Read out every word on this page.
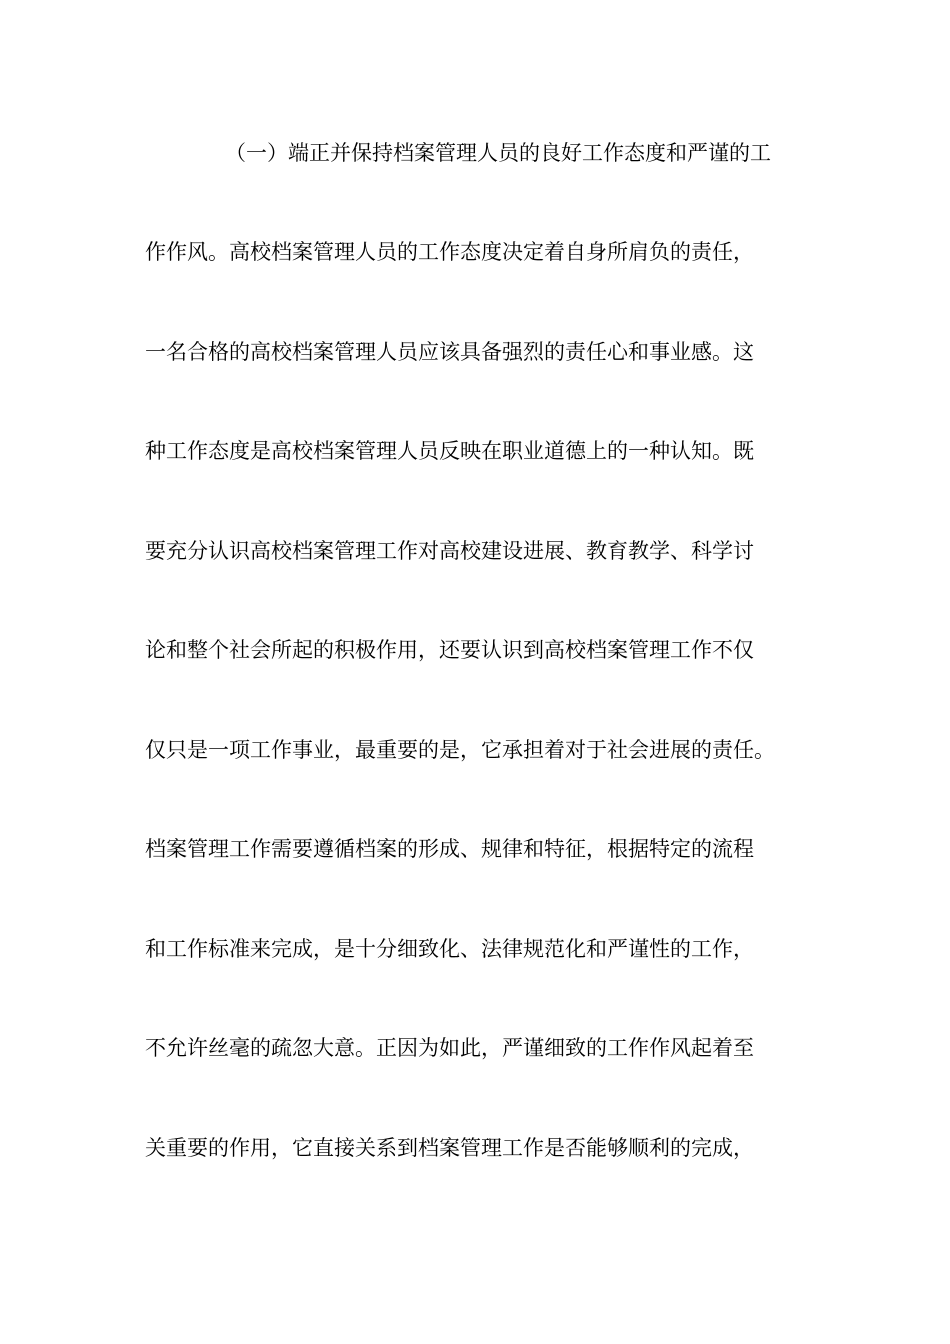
（一）端正并保持档案管理人员的良好工作态度和严谨的工
作作风。高校档案管理人员的工作态度决定着自身所肩负的责任，
一名合格的高校档案管理人员应该具备强烈的责任心和事业感。这
种工作态度是高校档案管理人员反映在职业道德上的一种认知。既
要充分认识高校档案管理工作对高校建设进展、教育教学、科学讨
论和整个社会所起的积极作用，还要认识到高校档案管理工作不仅
仅只是一项工作事业，最重要的是，它承担着对于社会进展的责任。
档案管理工作需要遵循档案的形成、规律和特征，根据特定的流程
和工作标准来完成，是十分细致化、法律规范化和严谨性的工作，
不允许丝毫的疏忽大意。正因为如此，严谨细致的工作作风起着至
关重要的作用，它直接关系到档案管理工作是否能够顺利的完成，
